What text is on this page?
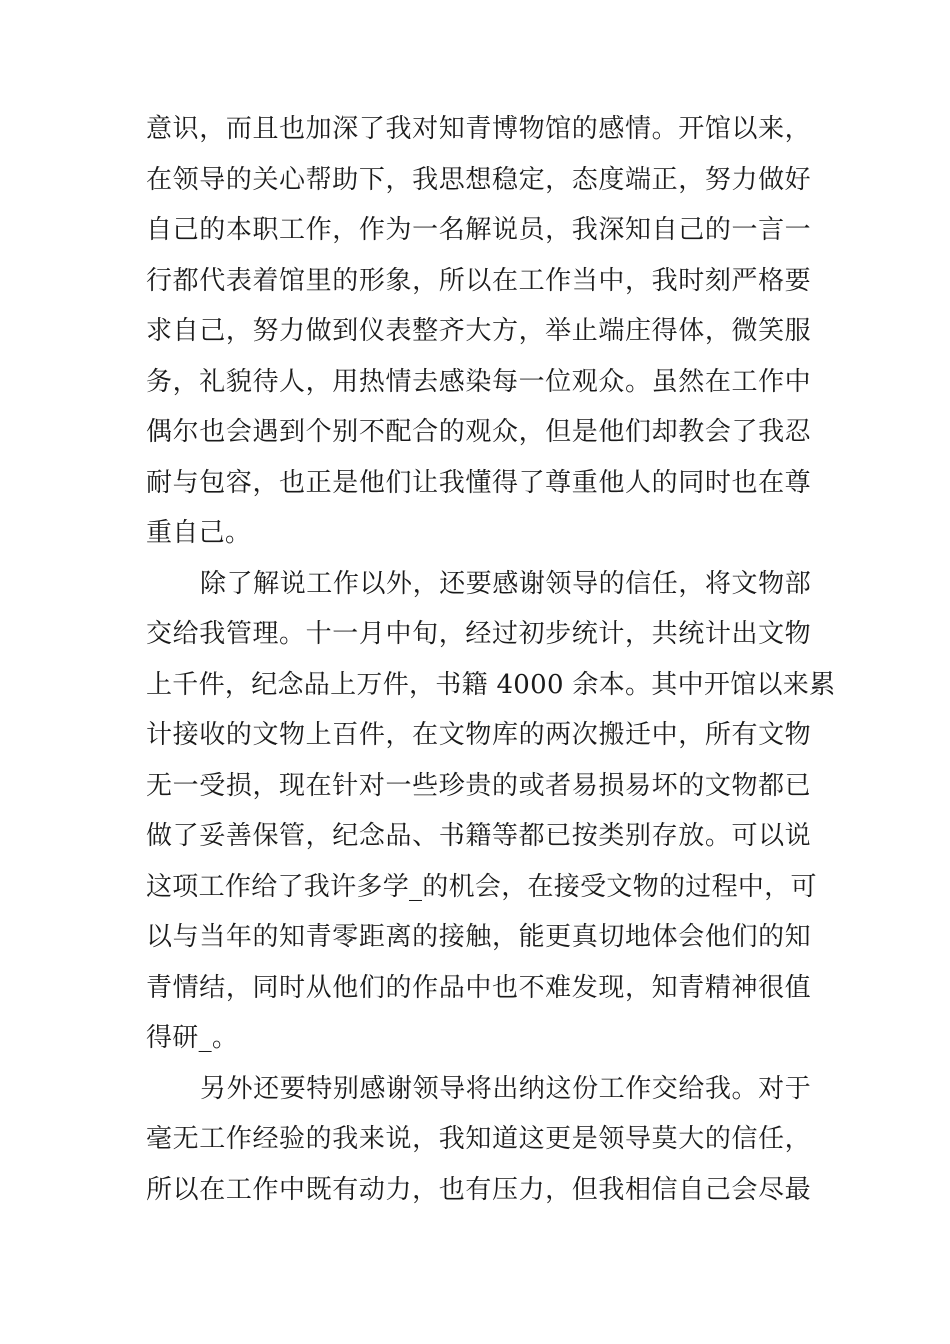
意识，而且也加深了我对知青博物馆的感情。开馆以来，
在领导的关心帮助下，我思想稳定，态度端正，努力做好
自己的本职工作，作为一名解说员，我深知自己的一言一
行都代表着馆里的形象，所以在工作当中，我时刻严格要
求自己，努力做到仪表整齐大方，举止端庄得体，微笑服
务，礼貌待人，用热情去感染每一位观众。虽然在工作中
偶尔也会遇到个别不配合的观众，但是他们却教会了我忍
耐与包容，也正是他们让我懂得了尊重他人的同时也在尊
重自己。
除了解说工作以外，还要感谢领导的信任，将文物部
交给我管理。十一月中旬，经过初步统计，共统计出文物
上千件，纪念品上万件，书籍 4000 余本。其中开馆以来累
计接收的文物上百件，在文物库的两次搬迁中，所有文物
无一受损，现在针对一些珍贵的或者易损易坏的文物都已
做了妥善保管，纪念品、书籍等都已按类别存放。可以说
这项工作给了我许多学_的机会，在接受文物的过程中，可
以与当年的知青零距离的接触，能更真切地体会他们的知
青情结，同时从他们的作品中也不难发现，知青精神很值
得研_。
另外还要特别感谢领导将出纳这份工作交给我。对于
毫无工作经验的我来说，我知道这更是领导莫大的信任，
所以在工作中既有动力，也有压力，但我相信自己会尽最
